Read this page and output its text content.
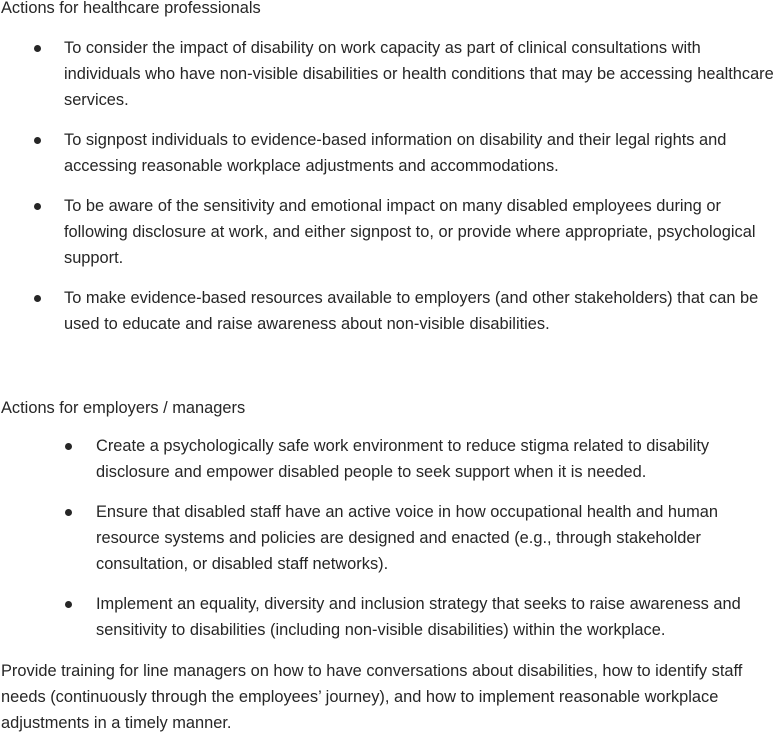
Actions for healthcare professionals
To consider the impact of disability on work capacity as part of clinical consultations with individuals who have non-visible disabilities or health conditions that may be accessing healthcare services.
To signpost individuals to evidence-based information on disability and their legal rights and accessing reasonable workplace adjustments and accommodations.
To be aware of the sensitivity and emotional impact on many disabled employees during or following disclosure at work, and either signpost to, or provide where appropriate, psychological support.
To make evidence-based resources available to employers (and other stakeholders) that can be used to educate and raise awareness about non-visible disabilities.
Actions for employers / managers
Create a psychologically safe work environment to reduce stigma related to disability disclosure and empower disabled people to seek support when it is needed.
Ensure that disabled staff have an active voice in how occupational health and human resource systems and policies are designed and enacted (e.g., through stakeholder consultation, or disabled staff networks).
Implement an equality, diversity and inclusion strategy that seeks to raise awareness and sensitivity to disabilities (including non-visible disabilities) within the workplace.

Provide training for line managers on how to have conversations about disabilities, how to identify staff needs (continuously through the employees’ journey), and how to implement reasonable workplace adjustments in a timely manner.
